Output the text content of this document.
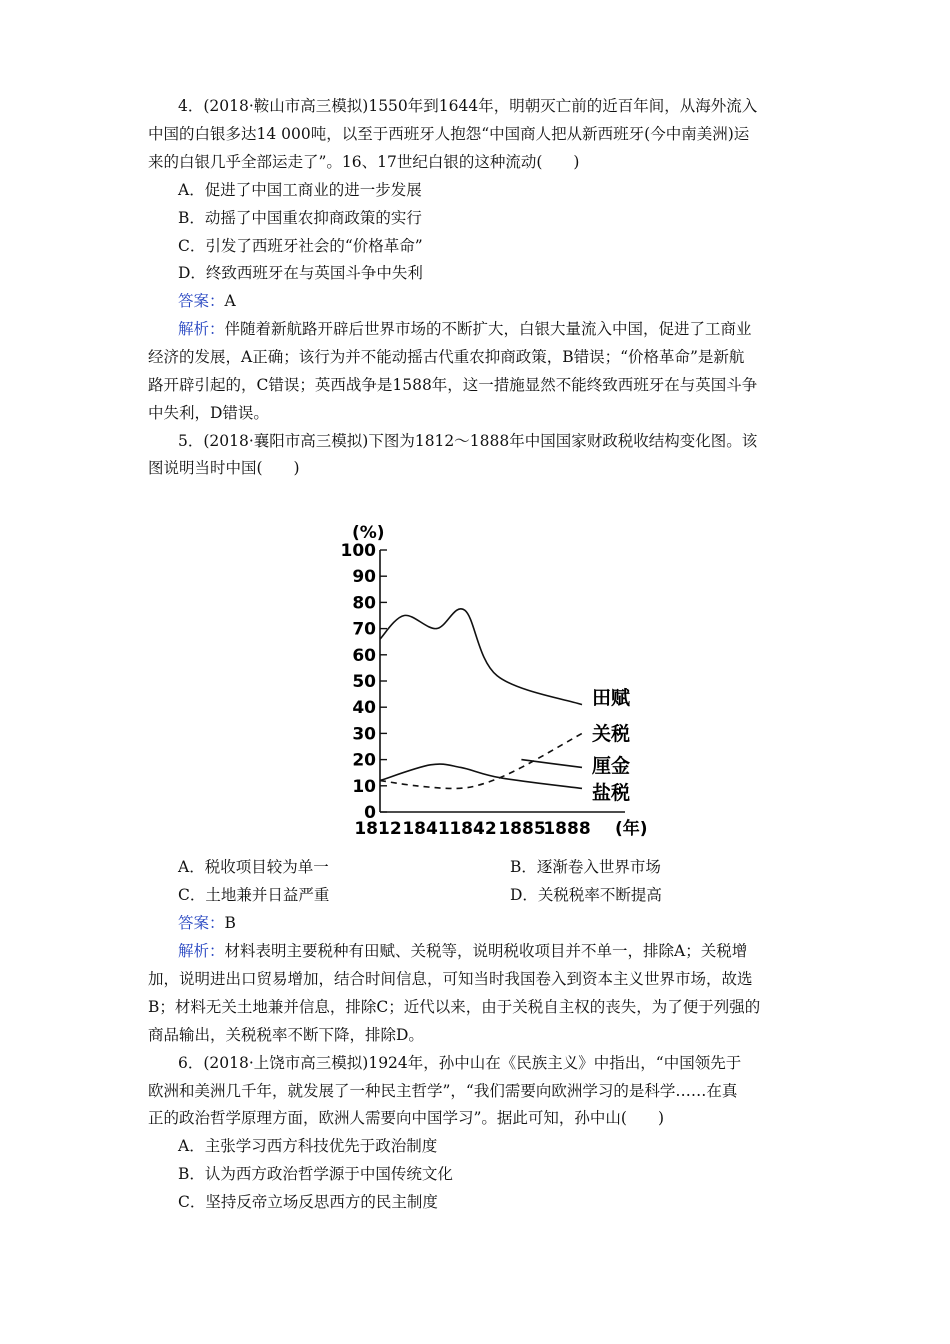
4．(2018·鞍山市高三模拟)1550年到1644年，明朝灭亡前的近百年间，从海外流入
中国的白银多达14 000吨，以至于西班牙人抱怨“中国商人把从新西班牙(今中南美洲)运
来的白银几乎全部运走了”。16、17世纪白银的这种流动(　　)
A．促进了中国工商业的进一步发展
B．动摇了中国重农抑商政策的实行
C．引发了西班牙社会的“价格革命”
D．终致西班牙在与英国斗争中失利
答案：A
解析：伴随着新航路开辟后世界市场的不断扩大，白银大量流入中国，促进了工商业
经济的发展，A正确；该行为并不能动摇古代重农抑商政策，B错误；“价格革命”是新航
路开辟引起的，C错误；英西战争是1588年，这一措施显然不能终致西班牙在与英国斗争
中失利，D错误。
5．(2018·襄阳市高三模拟)下图为1812～1888年中国国家财政税收结构变化图。该
图说明当时中国(　　)
(%)
100
90
80
70
60
50
40
30
20
10
0
1812 1841 1842 1885
1888
田赋
关税
厘金
盐税
(年)
A．税收项目较为单一	B．逐渐卷入世界市场
C．土地兼并日益严重	D．关税税率不断提高
答案：B
解析：材料表明主要税种有田赋、关税等，说明税收项目并不单一，排除A；关税增
加，说明进出口贸易增加，结合时间信息，可知当时我国卷入到资本主义世界市场，故选
B；材料无关土地兼并信息，排除C；近代以来，由于关税自主权的丧失，为了便于列强的
商品输出，关税税率不断下降，排除D。
6．(2018·上饶市高三模拟)1924年，孙中山在《民族主义》中指出，“中国领先于
欧洲和美洲几千年，就发展了一种民主哲学”，“我们需要向欧洲学习的是科学……在真
正的政治哲学原理方面，欧洲人需要向中国学习”。据此可知，孙中山(　　)
A．主张学习西方科技优先于政治制度
B．认为西方政治哲学源于中国传统文化
C．坚持反帝立场反思西方的民主制度
